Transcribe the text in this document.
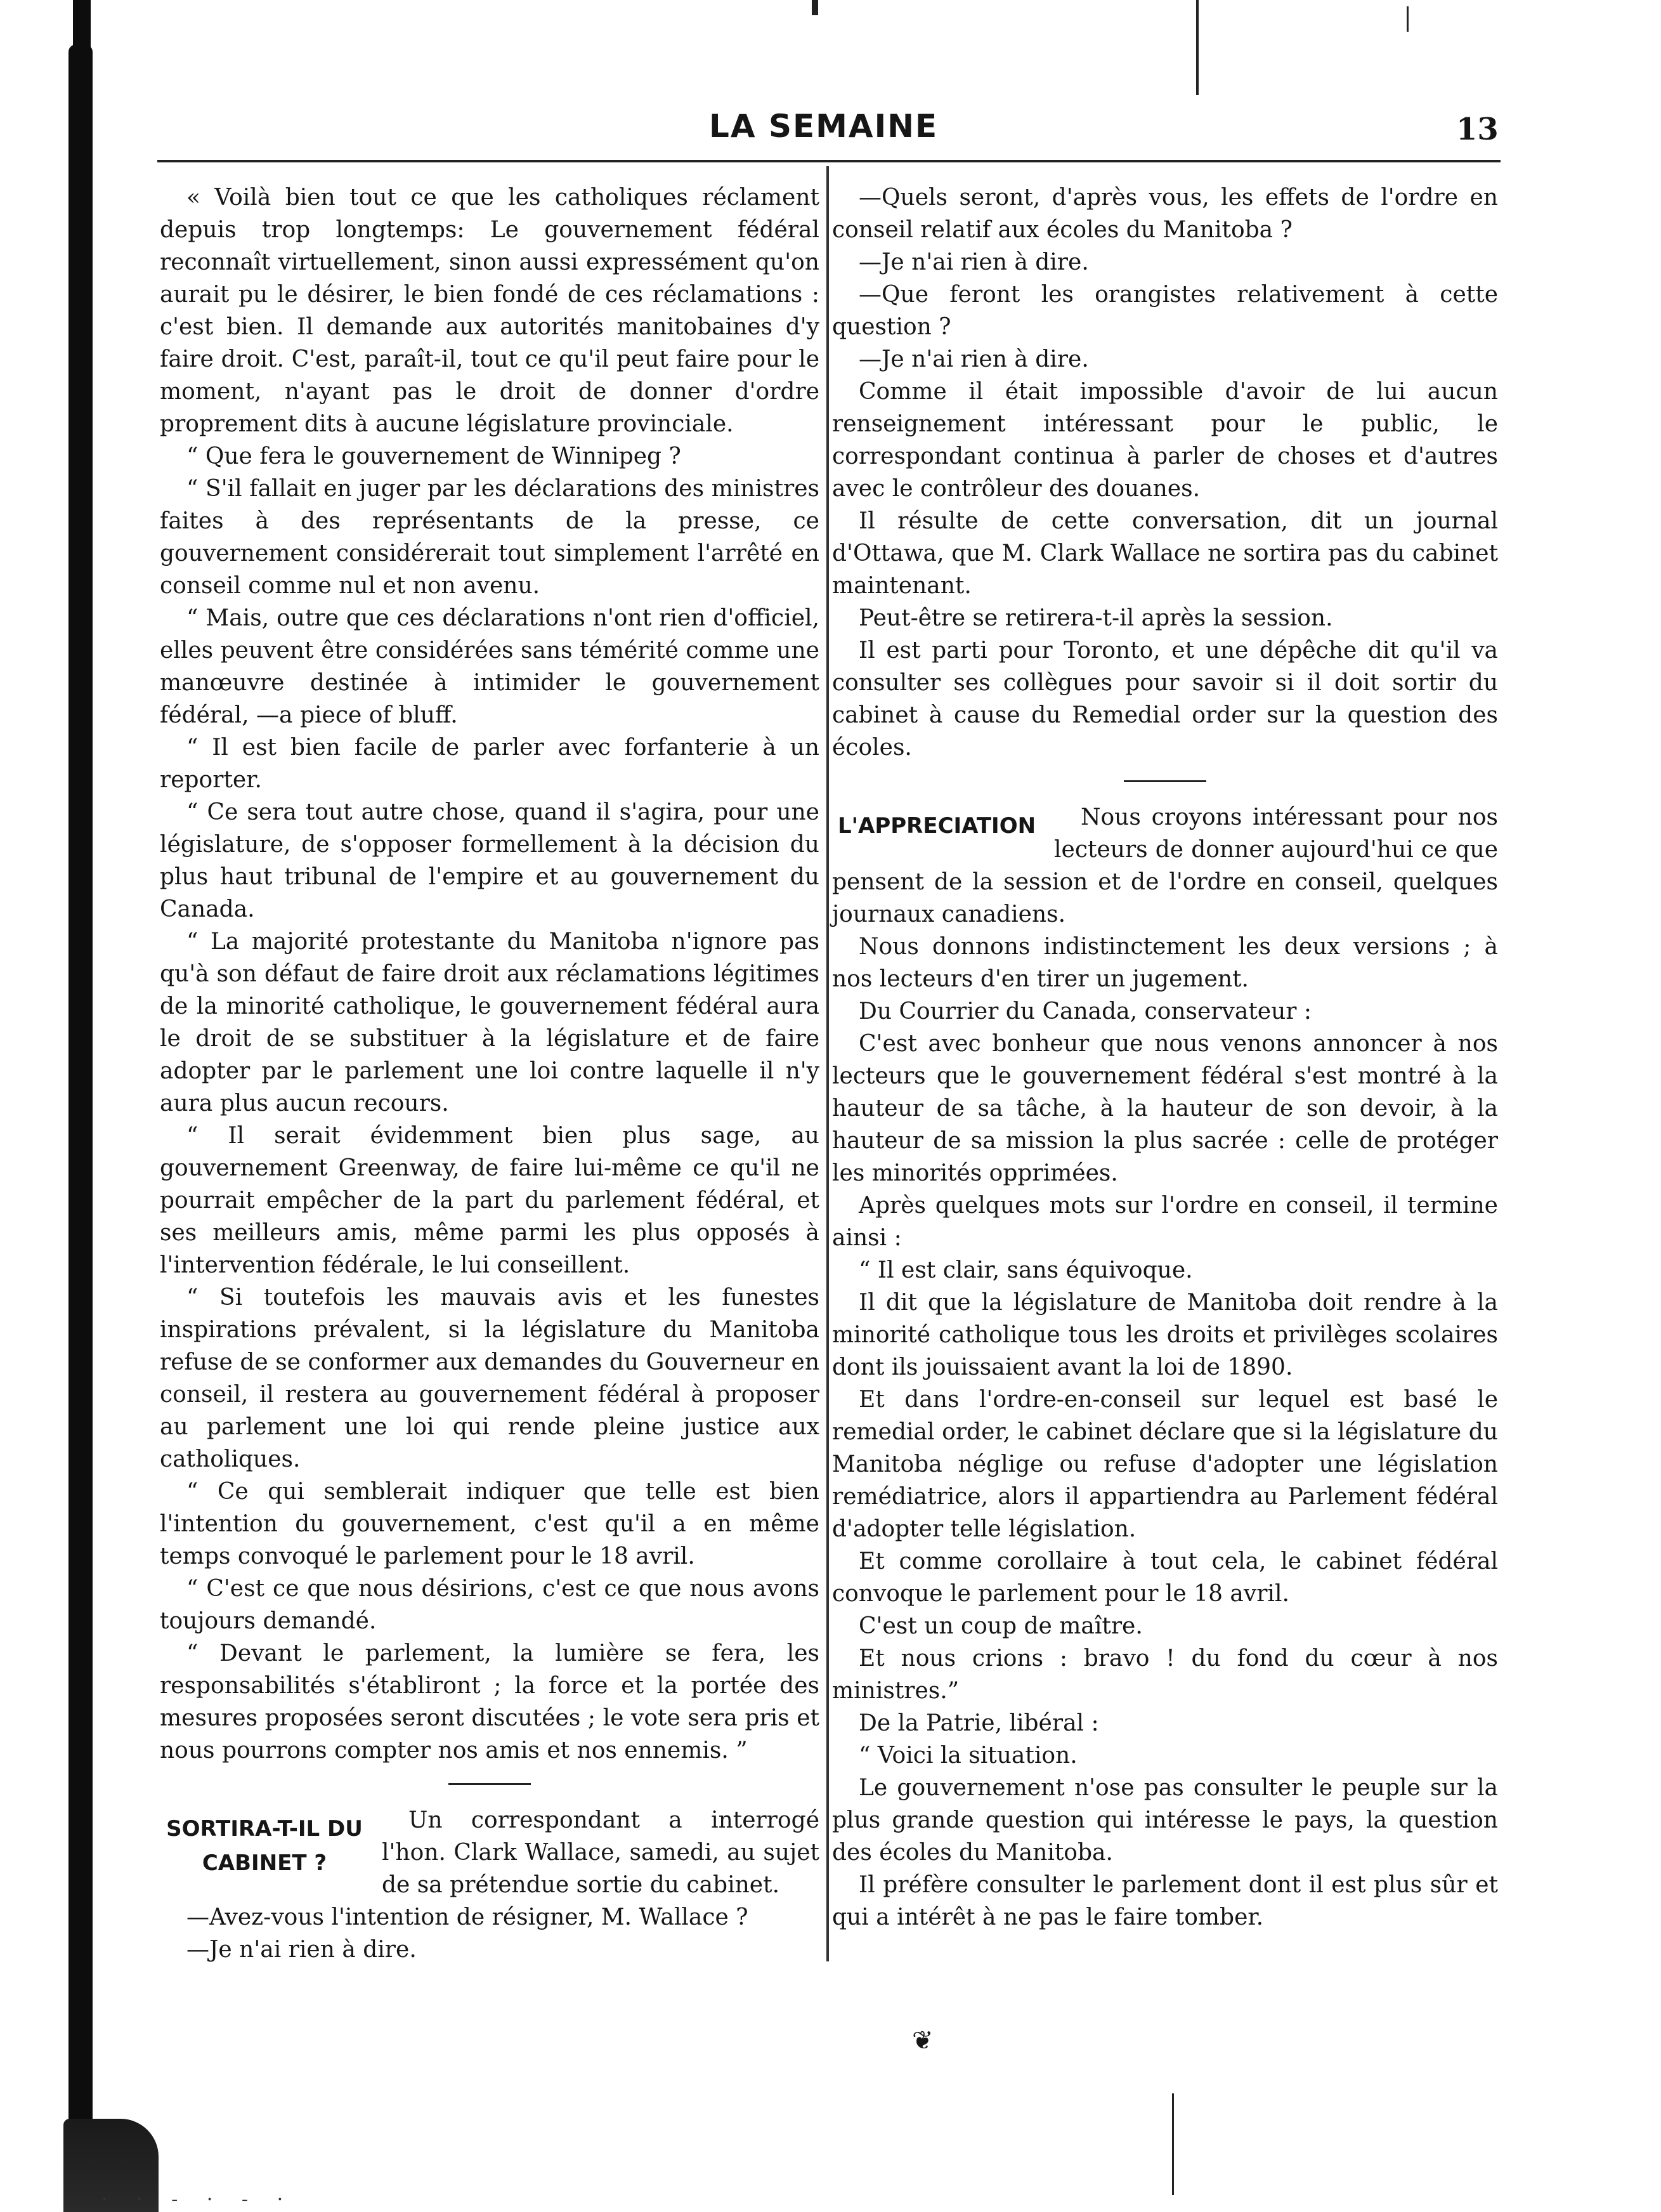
LA SEMAINE	13

« Voilà bien tout ce que les catholiques réclament depuis trop longtemps: Le gouvernement fédéral reconnaît virtuellement, sinon aussi expressément qu'on aurait pu le désirer, le bien fondé de ces réclamations : c'est bien. Il demande aux autorités manitobaines d'y faire droit. C'est, paraît-il, tout ce qu'il peut faire pour le moment, n'ayant pas le droit de donner d'ordre proprement dits à aucune législature provinciale.

“ Que fera le gouvernement de Winnipeg ?

“ S'il fallait en juger par les déclarations des ministres faites à des représentants de la presse, ce gouvernement considérerait tout simplement l'arrêté en conseil comme nul et non avenu.

“ Mais, outre que ces déclarations n'ont rien d'officiel, elles peuvent être considérées sans témérité comme une manœuvre destinée à intimider le gouvernement fédéral, —a piece of bluff.

“ Il est bien facile de parler avec forfanterie à un reporter.

“ Ce sera tout autre chose, quand il s'agira, pour une législature, de s'opposer formellement à la décision du plus haut tribunal de l'empire et au gouvernement du Canada.

“ La majorité protestante du Manitoba n'ignore pas qu'à son défaut de faire droit aux réclamations légitimes de la minorité catholique, le gouvernement fédéral aura le droit de se substituer à la législature et de faire adopter par le parlement une loi contre laquelle il n'y aura plus aucun recours.

“ Il serait évidemment bien plus sage, au gouvernement Greenway, de faire lui-même ce qu'il ne pourrait empêcher de la part du parlement fédéral, et ses meilleurs amis, même parmi les plus opposés à l'intervention fédérale, le lui conseillent.

“ Si toutefois les mauvais avis et les funestes inspirations prévalent, si la législature du Manitoba refuse de se conformer aux demandes du Gouverneur en conseil, il restera au gouvernement fédéral à proposer au parlement une loi qui rende pleine justice aux catholiques.

“ Ce qui semblerait indiquer que telle est bien l'intention du gouvernement, c'est qu'il a en même temps convoqué le parlement pour le 18 avril.

“ C'est ce que nous désirions, c'est ce que nous avons toujours demandé.

“ Devant le parlement, la lumière se fera, les responsabilités s'établiront ; la force et la portée des mesures proposées seront discutées ; le vote sera pris et nous pourrons compter nos amis et nos ennemis. ”

SORTIRA-T-IL DU CABINET ?

Un correspondant a interrogé l'hon. Clark Wallace, samedi, au sujet de sa prétendue sortie du cabinet.

—Avez-vous l'intention de résigner, M. Wallace ?

—Je n'ai rien à dire.

—Quels seront, d'après vous, les effets de l'ordre en conseil relatif aux écoles du Manitoba ?

—Je n'ai rien à dire.

—Que feront les orangistes relativement à cette question ?

—Je n'ai rien à dire.

Comme il était impossible d'avoir de lui aucun renseignement intéressant pour le public, le correspondant continua à parler de choses et d'autres avec le contrôleur des douanes.

Il résulte de cette conversation, dit un journal d'Ottawa, que M. Clark Wallace ne sortira pas du cabinet maintenant.

Peut-être se retirera-t-il après la session.

Il est parti pour Toronto, et une dépêche dit qu'il va consulter ses collègues pour savoir si il doit sortir du cabinet à cause du Remedial order sur la question des écoles.

L'APPRECIATION	Nous croyons intéressant pour nos lecteurs de donner aujourd'hui ce que pensent de la session et de l'ordre en conseil, quelques journaux canadiens.

Nous donnons indistinctement les deux versions ; à nos lecteurs d'en tirer un jugement.

Du Courrier du Canada, conservateur :

C'est avec bonheur que nous venons annoncer à nos lecteurs que le gouvernement fédéral s'est montré à la hauteur de sa tâche, à la hauteur de son devoir, à la hauteur de sa mission la plus sacrée : celle de protéger les minorités opprimées.

Après quelques mots sur l'ordre en conseil, il termine ainsi :

“ Il est clair, sans équivoque.

Il dit que la législature de Manitoba doit rendre à la minorité catholique tous les droits et privilèges scolaires dont ils jouissaient avant la loi de 1890.

Et dans l'ordre-en-conseil sur lequel est basé le remedial order, le cabinet déclare que si la législature du Manitoba néglige ou refuse d'adopter une législation remédiatrice, alors il appartiendra au Parlement fédéral d'adopter telle législation.

Et comme corollaire à tout cela, le cabinet fédéral convoque le parlement pour le 18 avril.

C'est un coup de maître.

Et nous crions : bravo ! du fond du cœur à nos ministres.”

De la Patrie, libéral :

“ Voici la situation.

Le gouvernement n'ose pas consulter le peuple sur la plus grande question qui intéresse le pays, la question des écoles du Manitoba.

Il préfère consulter le parlement dont il est plus sûr et qui a intérêt à ne pas le faire tomber.

❦
· · - · - ·
